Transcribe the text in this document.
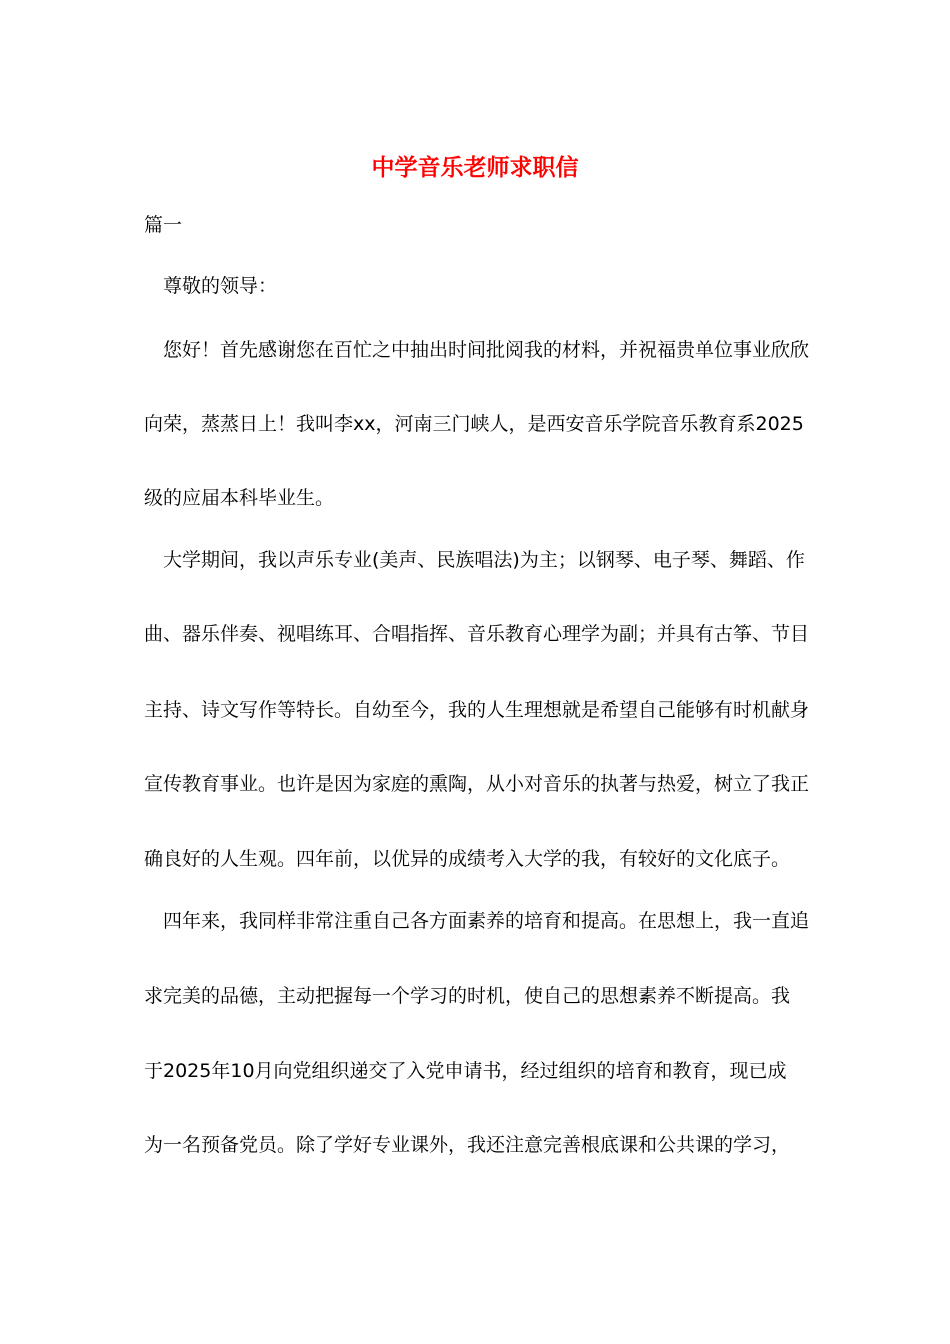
中学音乐老师求职信

篇一

尊敬的领导：

您好！首先感谢您在百忙之中抽出时间批阅我的材料，并祝福贵单位事业欣欣

向荣，蒸蒸日上！我叫李xx，河南三门峡人，是西安音乐学院音乐教育系2025

级的应届本科毕业生。

大学期间，我以声乐专业(美声、民族唱法)为主；以钢琴、电子琴、舞蹈、作

曲、器乐伴奏、视唱练耳、合唱指挥、音乐教育心理学为副；并具有古筝、节目

主持、诗文写作等特长。自幼至今，我的人生理想就是希望自己能够有时机献身

宣传教育事业。也许是因为家庭的熏陶，从小对音乐的执著与热爱，树立了我正

确良好的人生观。四年前，以优异的成绩考入大学的我，有较好的文化底子。

四年来，我同样非常注重自己各方面素养的培育和提高。在思想上，我一直追

求完美的品德，主动把握每一个学习的时机，使自己的思想素养不断提高。我

于2025年10月向党组织递交了入党申请书，经过组织的培育和教育，现已成

为一名预备党员。除了学好专业课外，我还注意完善根底课和公共课的学习，
